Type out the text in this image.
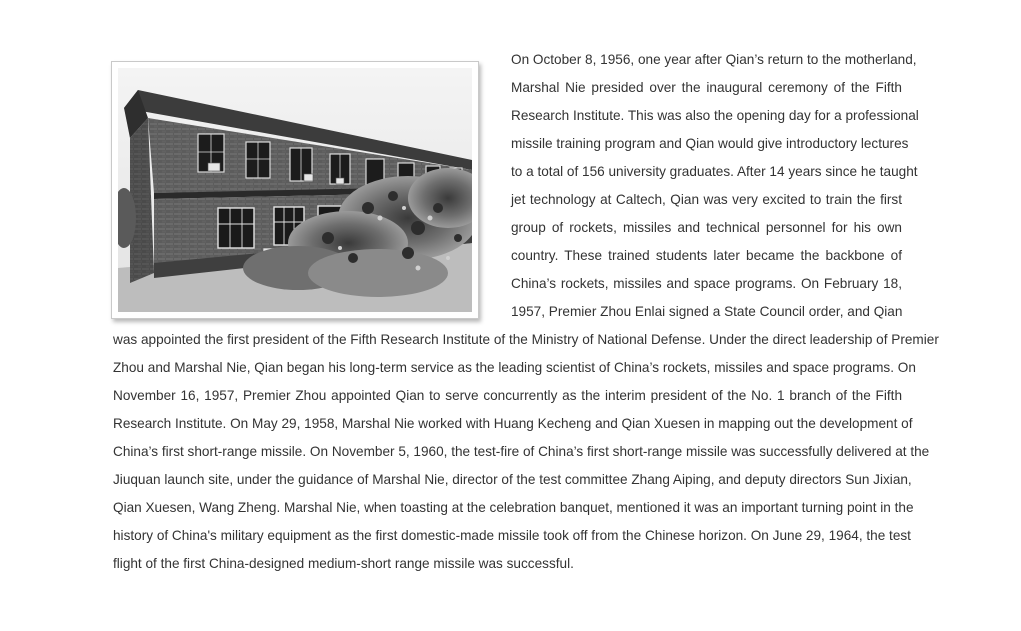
On October 8, 1956, one year after Qian’s return to the motherland,

Marshal Nie presided over the inaugural ceremony of the Fifth

Research Institute. This was also the opening day for a professional

missile training program and Qian would give introductory lectures

to a total of 156 university graduates. After 14 years since he taught

jet technology at Caltech, Qian was very excited to train the first

group of rockets, missiles and technical personnel for his own

country. These trained students later became the backbone of

China’s rockets, missiles and space programs. On February 18,

1957, Premier Zhou Enlai signed a State Council order, and Qian

was appointed the first president of the Fifth Research Institute of the Ministry of National Defense. Under the direct leadership of Premier

Zhou and Marshal Nie, Qian began his long-term service as the leading scientist of China’s rockets, missiles and space programs. On

November 16, 1957, Premier Zhou appointed Qian to serve concurrently as the interim president of the No. 1 branch of the Fifth

Research Institute. On May 29, 1958, Marshal Nie worked with Huang Kecheng and Qian Xuesen in mapping out the development of

China’s first short-range missile. On November 5, 1960, the test-fire of China’s first short-range missile was successfully delivered at the

Jiuquan launch site, under the guidance of Marshal Nie, director of the test committee Zhang Aiping, and deputy directors Sun Jixian,

Qian Xuesen, Wang Zheng. Marshal Nie, when toasting at the celebration banquet, mentioned it was an important turning point in the

history of China's military equipment as the first domestic-made missile took off from the Chinese horizon. On June 29, 1964, the test

flight of the first China-designed medium-short range missile was successful.
